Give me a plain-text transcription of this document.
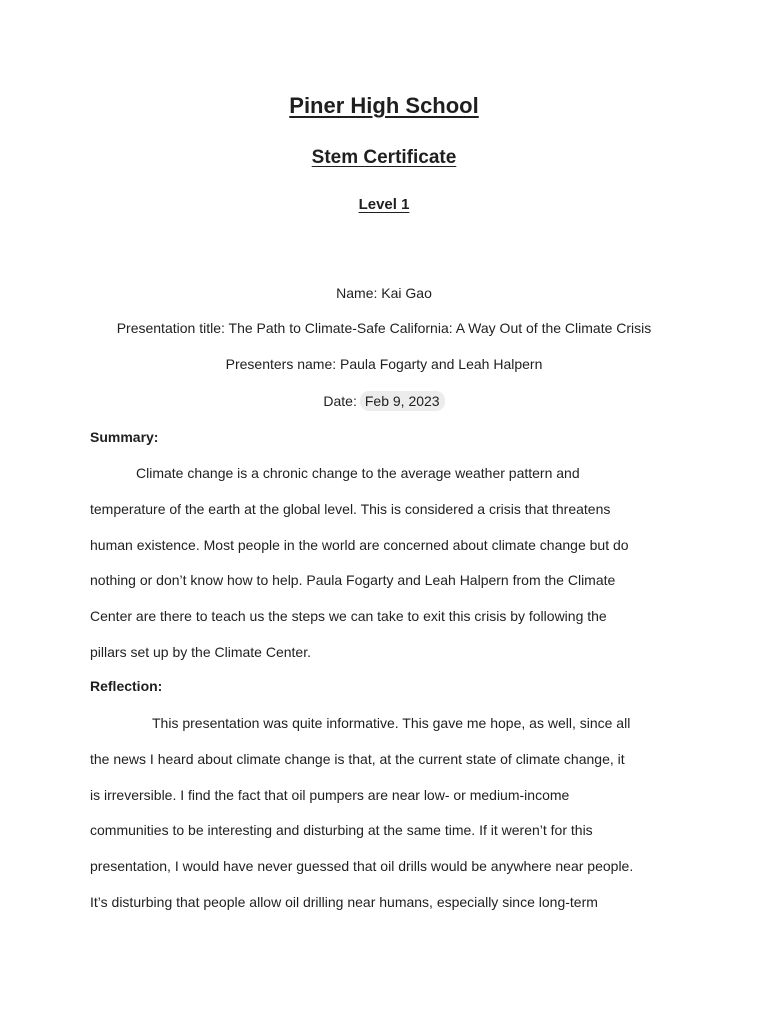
Piner High School
Stem Certificate
Level 1
Name: Kai Gao
Presentation title: The Path to Climate-Safe California: A Way Out of the Climate Crisis
Presenters name: Paula Fogarty and Leah Halpern
Date: Feb 9, 2023
Summary:
Climate change is a chronic change to the average weather pattern and
temperature of the earth at the global level. This is considered a crisis that threatens
human existence. Most people in the world are concerned about climate change but do
nothing or don’t know how to help. Paula Fogarty and Leah Halpern from the Climate
Center are there to teach us the steps we can take to exit this crisis by following the
pillars set up by the Climate Center.
Reflection:
This presentation was quite informative. This gave me hope, as well, since all
the news I heard about climate change is that, at the current state of climate change, it
is irreversible. I find the fact that oil pumpers are near low- or medium-income
communities to be interesting and disturbing at the same time. If it weren’t for this
presentation, I would have never guessed that oil drills would be anywhere near people.
It’s disturbing that people allow oil drilling near humans, especially since long-term
